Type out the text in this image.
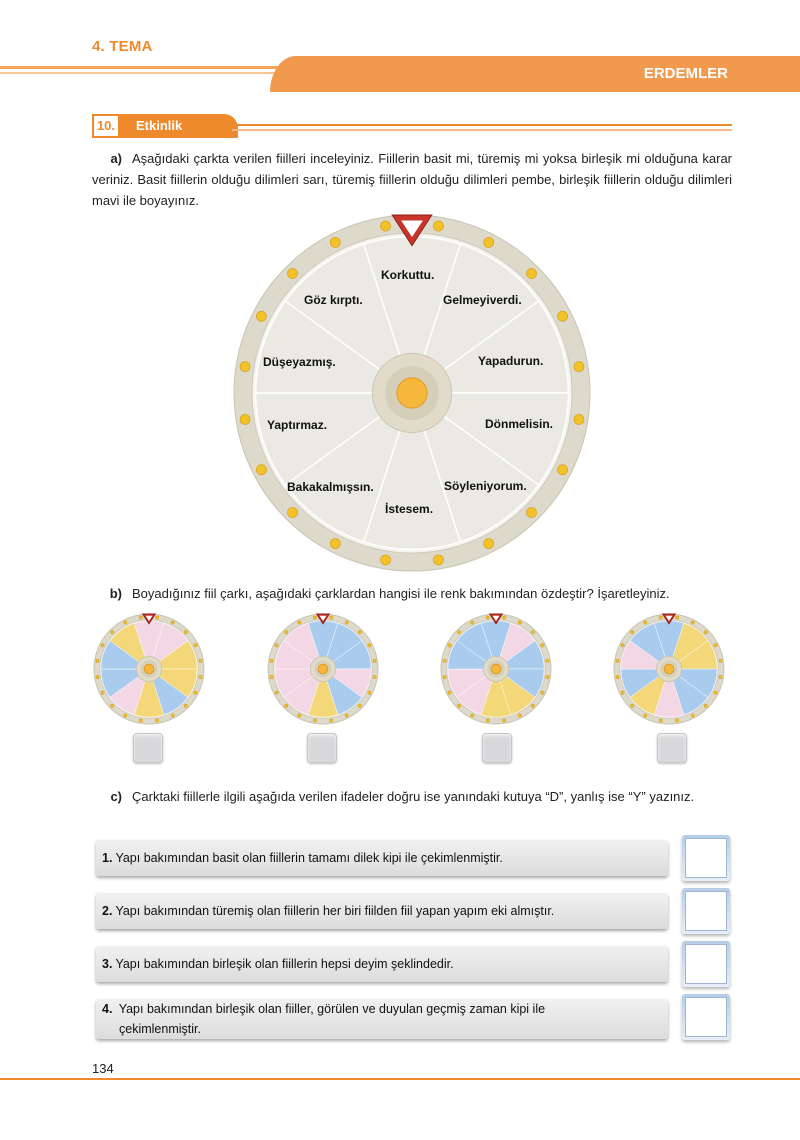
4. TEMA
ERDEMLER
10.	Etkinlik
a) Aşağıdaki çarkta verilen fiilleri inceleyiniz. Fiillerin basit mi, türemiş mi yoksa birleşik mi olduğuna karar veriniz. Basit fiillerin olduğu dilimleri sarı, türemiş fiillerin olduğu dilimleri pembe, birleşik fiillerin olduğu dilimleri mavi ile boyayınız.
Korkuttu.
Gelmeyiverdi.
Yapadurun.
Dönmelisin.
Söyleniyorum.
İstesem.
Bakakalmışsın.
Yaptırmaz.
Düşeyazmış.
Göz kırptı.
b) Boyadığınız fiil çarkı, aşağıdaki çarklardan hangisi ile renk bakımından özdeştir? İşaretleyiniz.
c) Çarktaki fiillerle ilgili aşağıda verilen ifadeler doğru ise yanındaki kutuya “D”, yanlış ise “Y” yazınız.
1. Yapı bakımından basit olan fiillerin tamamı dilek kipi ile çekimlenmiştir.
2. Yapı bakımından türemiş olan fiillerin her biri fiilden fiil yapan yapım eki almıştır.
3. Yapı bakımından birleşik olan fiillerin hepsi deyim şeklindedir.
4. Yapı bakımından birleşik olan fiiller, görülen ve duyulan geçmiş zaman kipi ile
çekimlenmiştir.
134
